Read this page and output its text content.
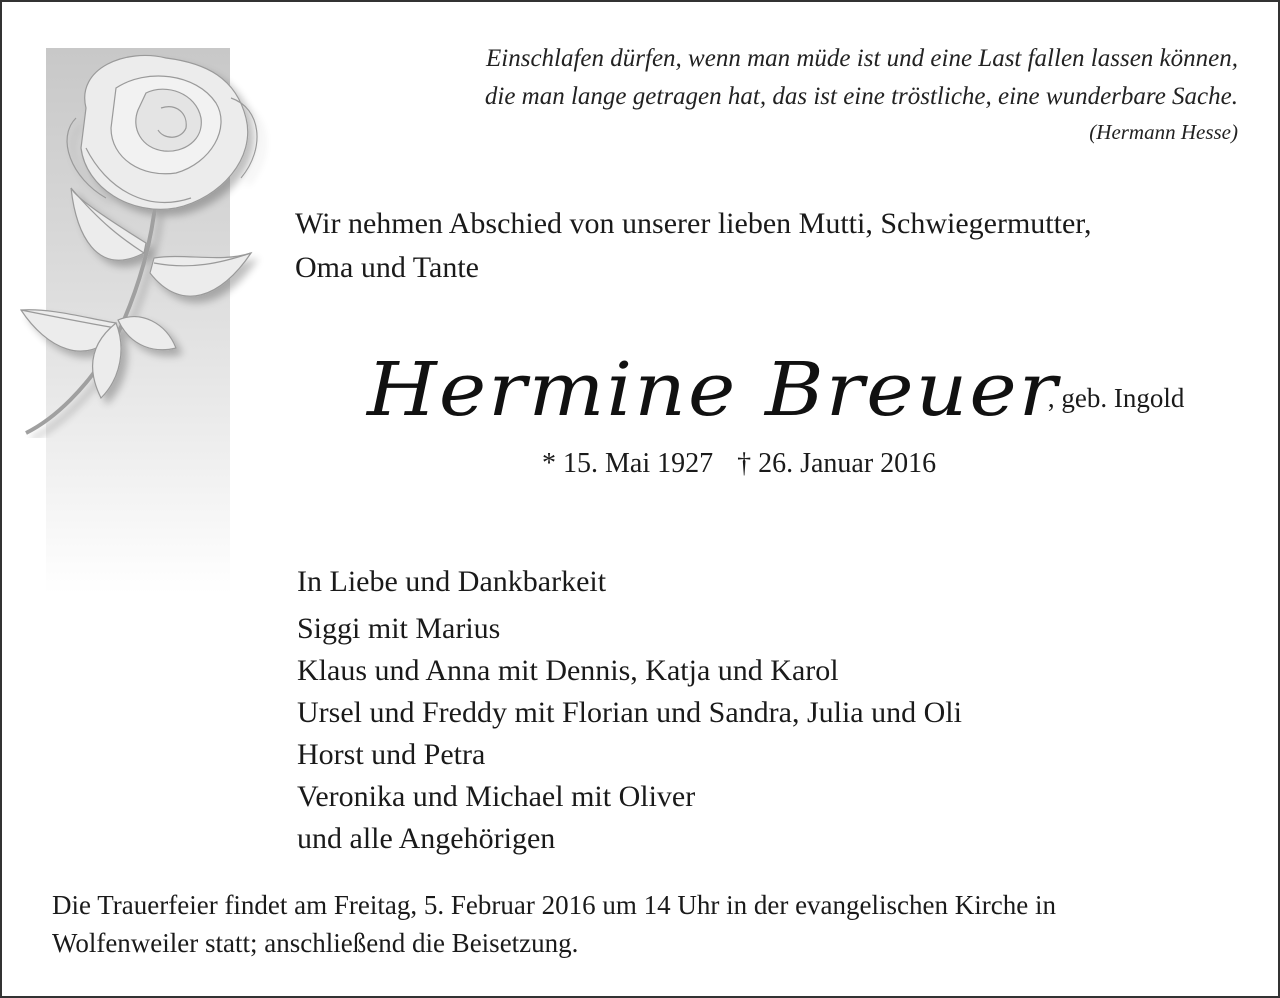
Einschlafen dürfen, wenn man müde ist und eine Last fallen lassen können,
die man lange getragen hat, das ist eine tröstliche, eine wunderbare Sache.
(Hermann Hesse)
Wir nehmen Abschied von unserer lieben Mutti, Schwiegermutter,
Oma und Tante
Hermine Breuer, geb. Ingold
* 15. Mai 1927 † 26. Januar 2016
In Liebe und Dankbarkeit
Siggi mit Marius
Klaus und Anna mit Dennis, Katja und Karol
Ursel und Freddy mit Florian und Sandra, Julia und Oli
Horst und Petra
Veronika und Michael mit Oliver
und alle Angehörigen
Die Trauerfeier findet am Freitag, 5. Februar 2016 um 14 Uhr in der evangelischen Kirche in
Wolfenweiler statt; anschließend die Beisetzung.
